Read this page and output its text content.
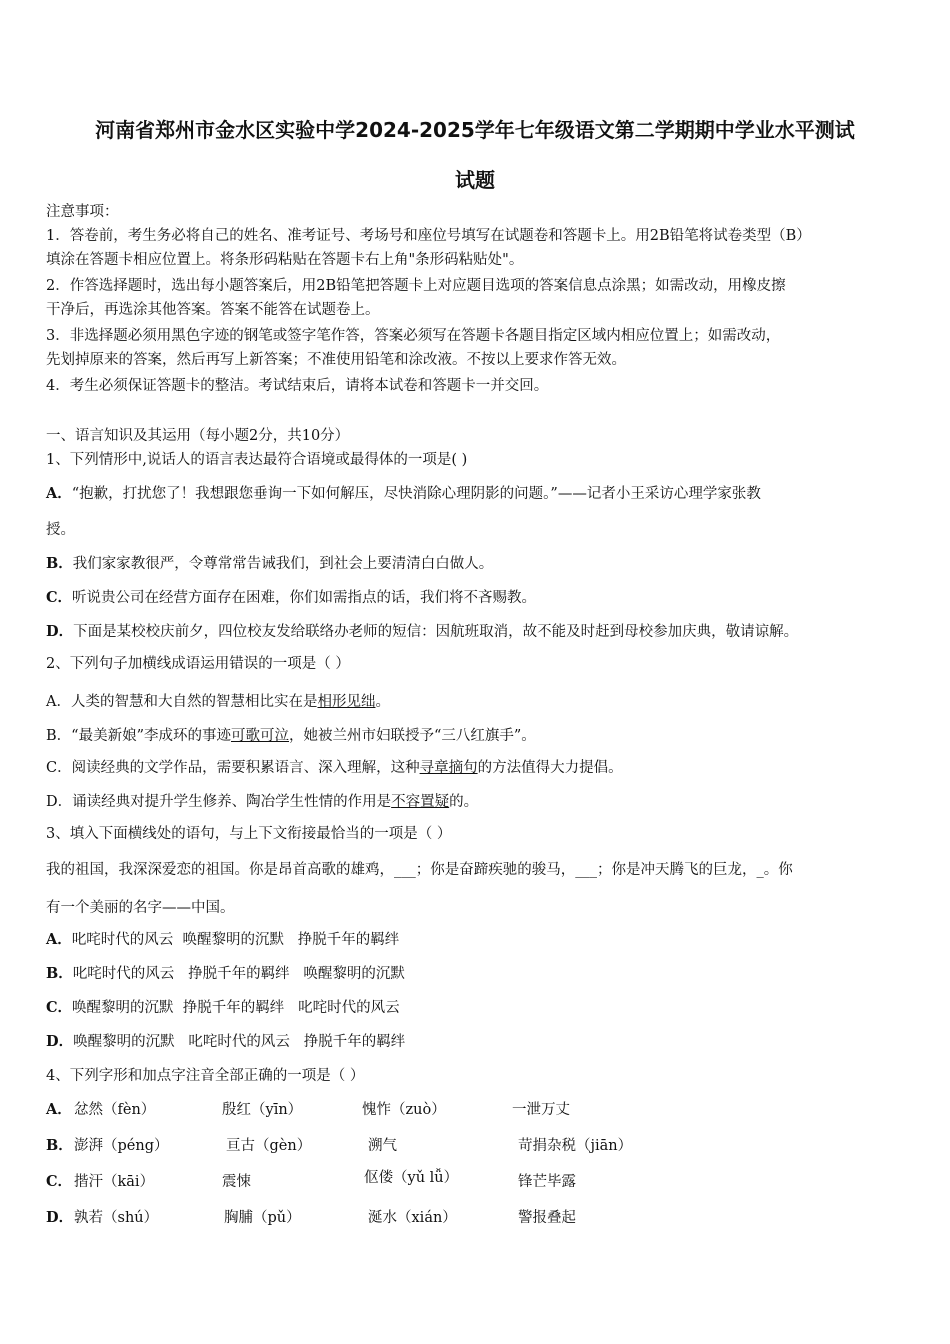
河南省郑州市金水区实验中学2024-2025学年七年级语文第二学期期中学业水平测试
试题
注意事项：
1．答卷前，考生务必将自己的姓名、准考证号、考场号和座位号填写在试题卷和答题卡上。用2B铅笔将试卷类型（B）
填涂在答题卡相应位置上。将条形码粘贴在答题卡右上角"条形码粘贴处"。
2．作答选择题时，选出每小题答案后，用2B铅笔把答题卡上对应题目选项的答案信息点涂黑；如需改动，用橡皮擦
干净后，再选涂其他答案。答案不能答在试题卷上。
3．非选择题必须用黑色字迹的钢笔或签字笔作答，答案必须写在答题卡各题目指定区域内相应位置上；如需改动，
先划掉原来的答案，然后再写上新答案；不准使用铅笔和涂改液。不按以上要求作答无效。
4．考生必须保证答题卡的整洁。考试结束后，请将本试卷和答题卡一并交回。
一、语言知识及其运用（每小题2分，共10分）
1、下列情形中,说话人的语言表达最符合语境或最得体的一项是( )
A．“抱歉，打扰您了！我想跟您垂询一下如何解压，尽快消除心理阴影的问题。”——记者小王采访心理学家张教
授。
B．我们家家教很严，令尊常常告诫我们，到社会上要清清白白做人。
C．听说贵公司在经营方面存在困难，你们如需指点的话，我们将不吝赐教。
D．下面是某校校庆前夕，四位校友发给联络办老师的短信：因航班取消，故不能及时赶到母校参加庆典，敬请谅解。
2、下列句子加横线成语运用错误的一项是（ ）
A．人类的智慧和大自然的智慧相比实在是相形见绌。
B．“最美新娘”李成环的事迹可歌可泣，她被兰州市妇联授予“三八红旗手”。
C．阅读经典的文学作品，需要积累语言、深入理解，这种寻章摘句的方法值得大力提倡。
D．诵读经典对提升学生修养、陶冶学生性情的作用是不容置疑的。
3、填入下面横线处的语句，与上下文衔接最恰当的一项是（ ）
我的祖国，我深深爱恋的祖国。你是昂首高歌的雄鸡，___；你是奋蹄疾驰的骏马，___；你是冲天腾飞的巨龙，_。你
有一个美丽的名字——中国。
A．叱咤时代的风云  唤醒黎明的沉默   挣脱千年的羁绊
B．叱咤时代的风云   挣脱千年的羁绊   唤醒黎明的沉默
C．唤醒黎明的沉默  挣脱千年的羁绊   叱咤时代的风云
D．唤醒黎明的沉默   叱咤时代的风云   挣脱千年的羁绊
4、下列字形和加点字注音全部正确的一项是（ ）
A． 忿然（fèn）	殷红（yīn）	愧怍（zuò）	一泄万丈
B． 澎湃（péng）	亘古（gèn）	溯气	苛捐杂税（jiān）
C． 揩汗（kāi）	震悚	伛偻（yǔ lǚ）	锋芒毕露
D． 孰若（shú）	胸脯（pǔ）	涎水（xián）	警报叠起
